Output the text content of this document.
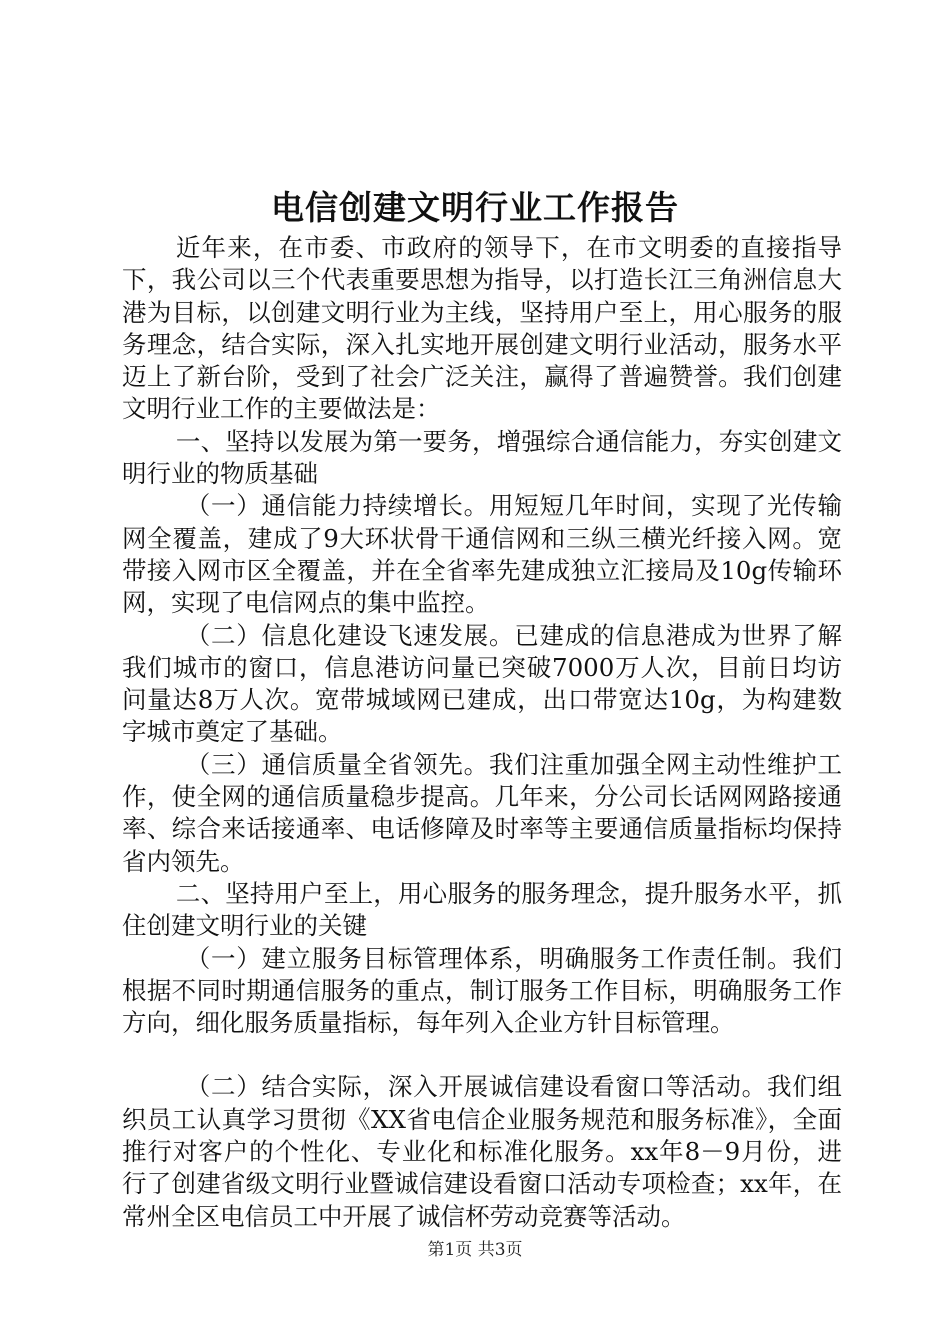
电信创建文明行业工作报告

近年来，在市委、市政府的领导下，在市文明委的直接指导下，我公司以三个代表重要思想为指导，以打造长江三角洲信息大港为目标，以创建文明行业为主线，坚持用户至上，用心服务的服务理念，结合实际，深入扎实地开展创建文明行业活动，服务水平迈上了新台阶，受到了社会广泛关注，赢得了普遍赞誉。我们创建文明行业工作的主要做法是：

一、坚持以发展为第一要务，增强综合通信能力，夯实创建文明行业的物质基础

（一）通信能力持续增长。用短短几年时间，实现了光传输网全覆盖，建成了9大环状骨干通信网和三纵三横光纤接入网。宽带接入网市区全覆盖，并在全省率先建成独立汇接局及10g传输环网，实现了电信网点的集中监控。

（二）信息化建设飞速发展。已建成的信息港成为世界了解我们城市的窗口，信息港访问量已突破7000万人次，目前日均访问量达8万人次。宽带城域网已建成，出口带宽达10g，为构建数字城市奠定了基础。

（三）通信质量全省领先。我们注重加强全网主动性维护工作，使全网的通信质量稳步提高。几年来，分公司长话网网路接通率、综合来话接通率、电话修障及时率等主要通信质量指标均保持省内领先。

二、坚持用户至上，用心服务的服务理念，提升服务水平，抓住创建文明行业的关键

（一）建立服务目标管理体系，明确服务工作责任制。我们根据不同时期通信服务的重点，制订服务工作目标，明确服务工作方向，细化服务质量指标，每年列入企业方针目标管理。

（二）结合实际，深入开展诚信建设看窗口等活动。我们组织员工认真学习贯彻《XX省电信企业服务规范和服务标准》，全面推行对客户的个性化、专业化和标准化服务。xx年8－9月份，进行了创建省级文明行业暨诚信建设看窗口活动专项检查；xx年，在常州全区电信员工中开展了诚信杯劳动竞赛等活动。

第1页 共3页
